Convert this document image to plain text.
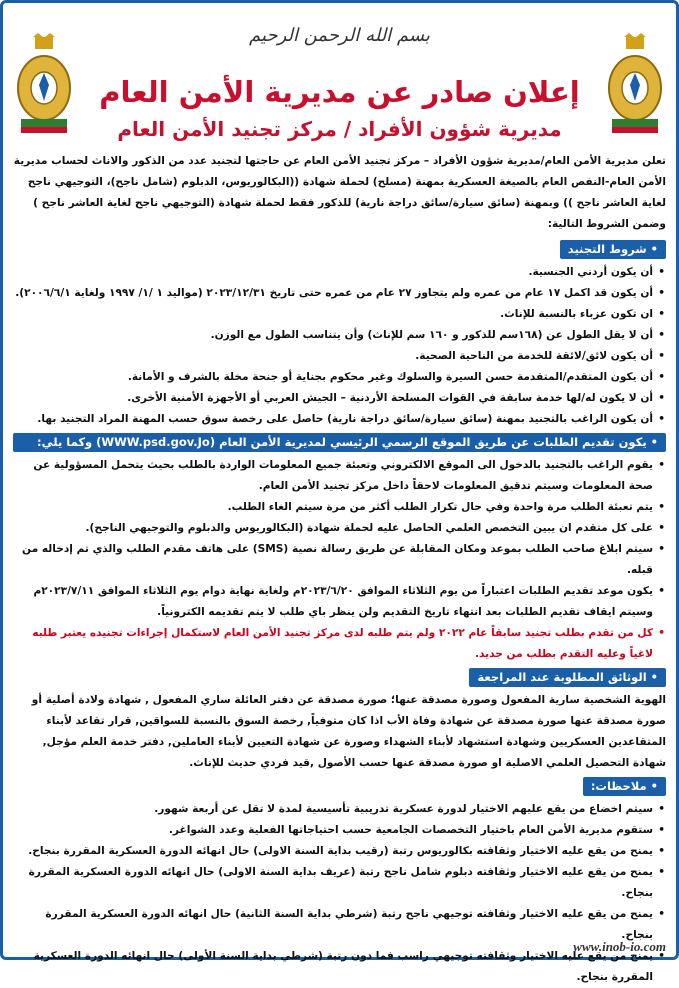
بسم الله الرحمن الرحيم
إعلان صادر عن مديرية الأمن العام
مديرية شؤون الأفراد / مركز تجنيد الأمن العام

تعلن مديرية الأمن العام/مديرية شؤون الأفراد – مركز تجنيد الأمن العام عن حاجتها لتجنيد عدد من الذكور والاناث لحساب مديرية الأمن العام-النفص العام بالصيغة العسكرية بمهنة (مسلح) لحملة شهادة ((البكالوريوس، الدبلوم (شامل ناجح)، التوجيهي ناجح لغاية العاشر ناجح )) وبمهنة (سائق سيارة/سائق دراجة نارية) للذكور فقط لحملة شهادة (التوجيهي ناجح لغاية العاشر ناجح ) وضمن الشروط التالية:

• شروط التجنيد
• أن يكون أردني الجنسية.
• أن يكون قد اكمل ١٧ عام من عمره ولم يتجاوز ٢٧ عام من عمره حتى تاريخ ٢٠٢٣/١٢/٣١ (مواليد ١ /١/ ١٩٩٧ ولغاية ٢٠٠٦/٦/١).
• ان تكون عزباء بالنسبة للإناث.
• أن لا يقل الطول عن (١٦٨سم للذكور و ١٦٠ سم للإناث) وأن يتناسب الطول مع الوزن.
• أن يكون لائق/لائقة للخدمة من الناحية الصحية.
• أن يكون المتقدم/المتقدمة حسن السيرة والسلوك وغير محكوم بجناية أو جنحة مخلة بالشرف و الأمانة.
• أن لا يكون له/لها خدمة سابقة في القوات المسلحة الأردنية – الجيش العربي أو الأجهزة الأمنية الأخرى.
• أن يكون الراغب بالتجنيد بمهنة (سائق سيارة/سائق دراجة نارية) حاصل على رخصة سوق حسب المهنة المراد التجنيد بها.
• يكون تقديم الطلبات عن طريق الموقع الرسمي الرئيسي لمديرية الأمن العام (WWW.psd.gov.Jo) وكما يلي:
• يقوم الراغب بالتجنيد بالدخول الى الموقع الالكتروني وتعبئة جميع المعلومات الواردة بالطلب بحيث يتحمل المسؤولية عن صحة المعلومات وسيتم تدقيق المعلومات لاحقاً داخل مركز تجنيد الأمن العام.
• يتم تعبئة الطلب مرة واحدة وفي حال تكرار الطلب أكثر من مرة سيتم الغاء الطلب.
• على كل متقدم ان يبين التخصص العلمي الحاصل عليه لحملة شهادة (البكالوريوس والدبلوم والتوجيهي الناجح).
• سيتم ابلاغ صاحب الطلب بموعد ومكان المقابلة عن طريق رسالة نصية (SMS) على هاتف مقدم الطلب والذي تم إدخاله من قبله.
• يكون موعد تقديم الطلبات اعتباراً من يوم الثلاثاء الموافق ٢٠٢٣/٦/٢٠م ولغاية نهاية دوام يوم الثلاثاء الموافق ٢٠٢٣/٧/١١م وسيتم ايقاف تقديم الطلبات بعد انتهاء تاريخ التقديم ولن ينظر باي طلب لا يتم تقديمه الكترونياً.
• كل من تقدم بطلب تجنيد سابقاً عام ٢٠٢٢ ولم يتم طلبه لدى مركز تجنيد الأمن العام لاستكمال إجراءات تجنيده يعتبر طلبه لاغياً وعليه التقدم بطلب من جديد.
• الوثائق المطلوبة عند المراجعة

الهوية الشخصية سارية المفعول وصورة مصدقة عنها؛ صورة مصدقة عن دفتر العائلة ساري المفعول , شهادة ولادة أصلية أو صورة مصدقة عنها صورة مصدقة عن شهادة وفاة الأب اذا كان متوفياً, رخصة السوق بالنسبة للسواقين, قرار تقاعد لأبناء المتقاعدين العسكريين وشهادة استشهاد لأبناء الشهداء وصورة عن شهادة التعيين لأبناء العاملين, دفتر خدمة العلم مؤجل, شهادة التحصيل العلمي الاصلية او صورة مصدقة عنها حسب الأصول ,قيد فردي حديث للإناث.

• ملاحظات:
• سيتم اخضاع من يقع عليهم الاختيار لدورة عسكرية تدريبية تأسيسية لمدة لا تقل عن أربعة شهور.
• ستقوم مديرية الأمن العام باختيار التخصصات الجامعية حسب احتياجاتها الفعلية وعدد الشواغر.
• يمنح من يقع عليه الاختيار وثقافته بكالوريوس رتبة (رقيب بداية السنة الاولى) حال انهائه الدورة العسكرية المقررة بنجاح.
• يمنح من يقع عليه الاختيار وثقافته دبلوم شامل ناجح رتبة (عريف بداية السنة الاولى) حال انهائه الدورة العسكرية المقررة بنجاح.
• يمنح من يقع عليه الاختيار وثقافته توجيهي ناجح رتبة (شرطي بداية السنة الثانية) حال انهائه الدورة العسكرية المقررة بنجاح.
• يمنح من يقع عليه الاختيار وثقافته توجيهي راسب فما دون رتبة (شرطي بداية السنة الأولى) حال انهائه الدورة العسكرية المقررة بنجاح.
www.inob-io.com
